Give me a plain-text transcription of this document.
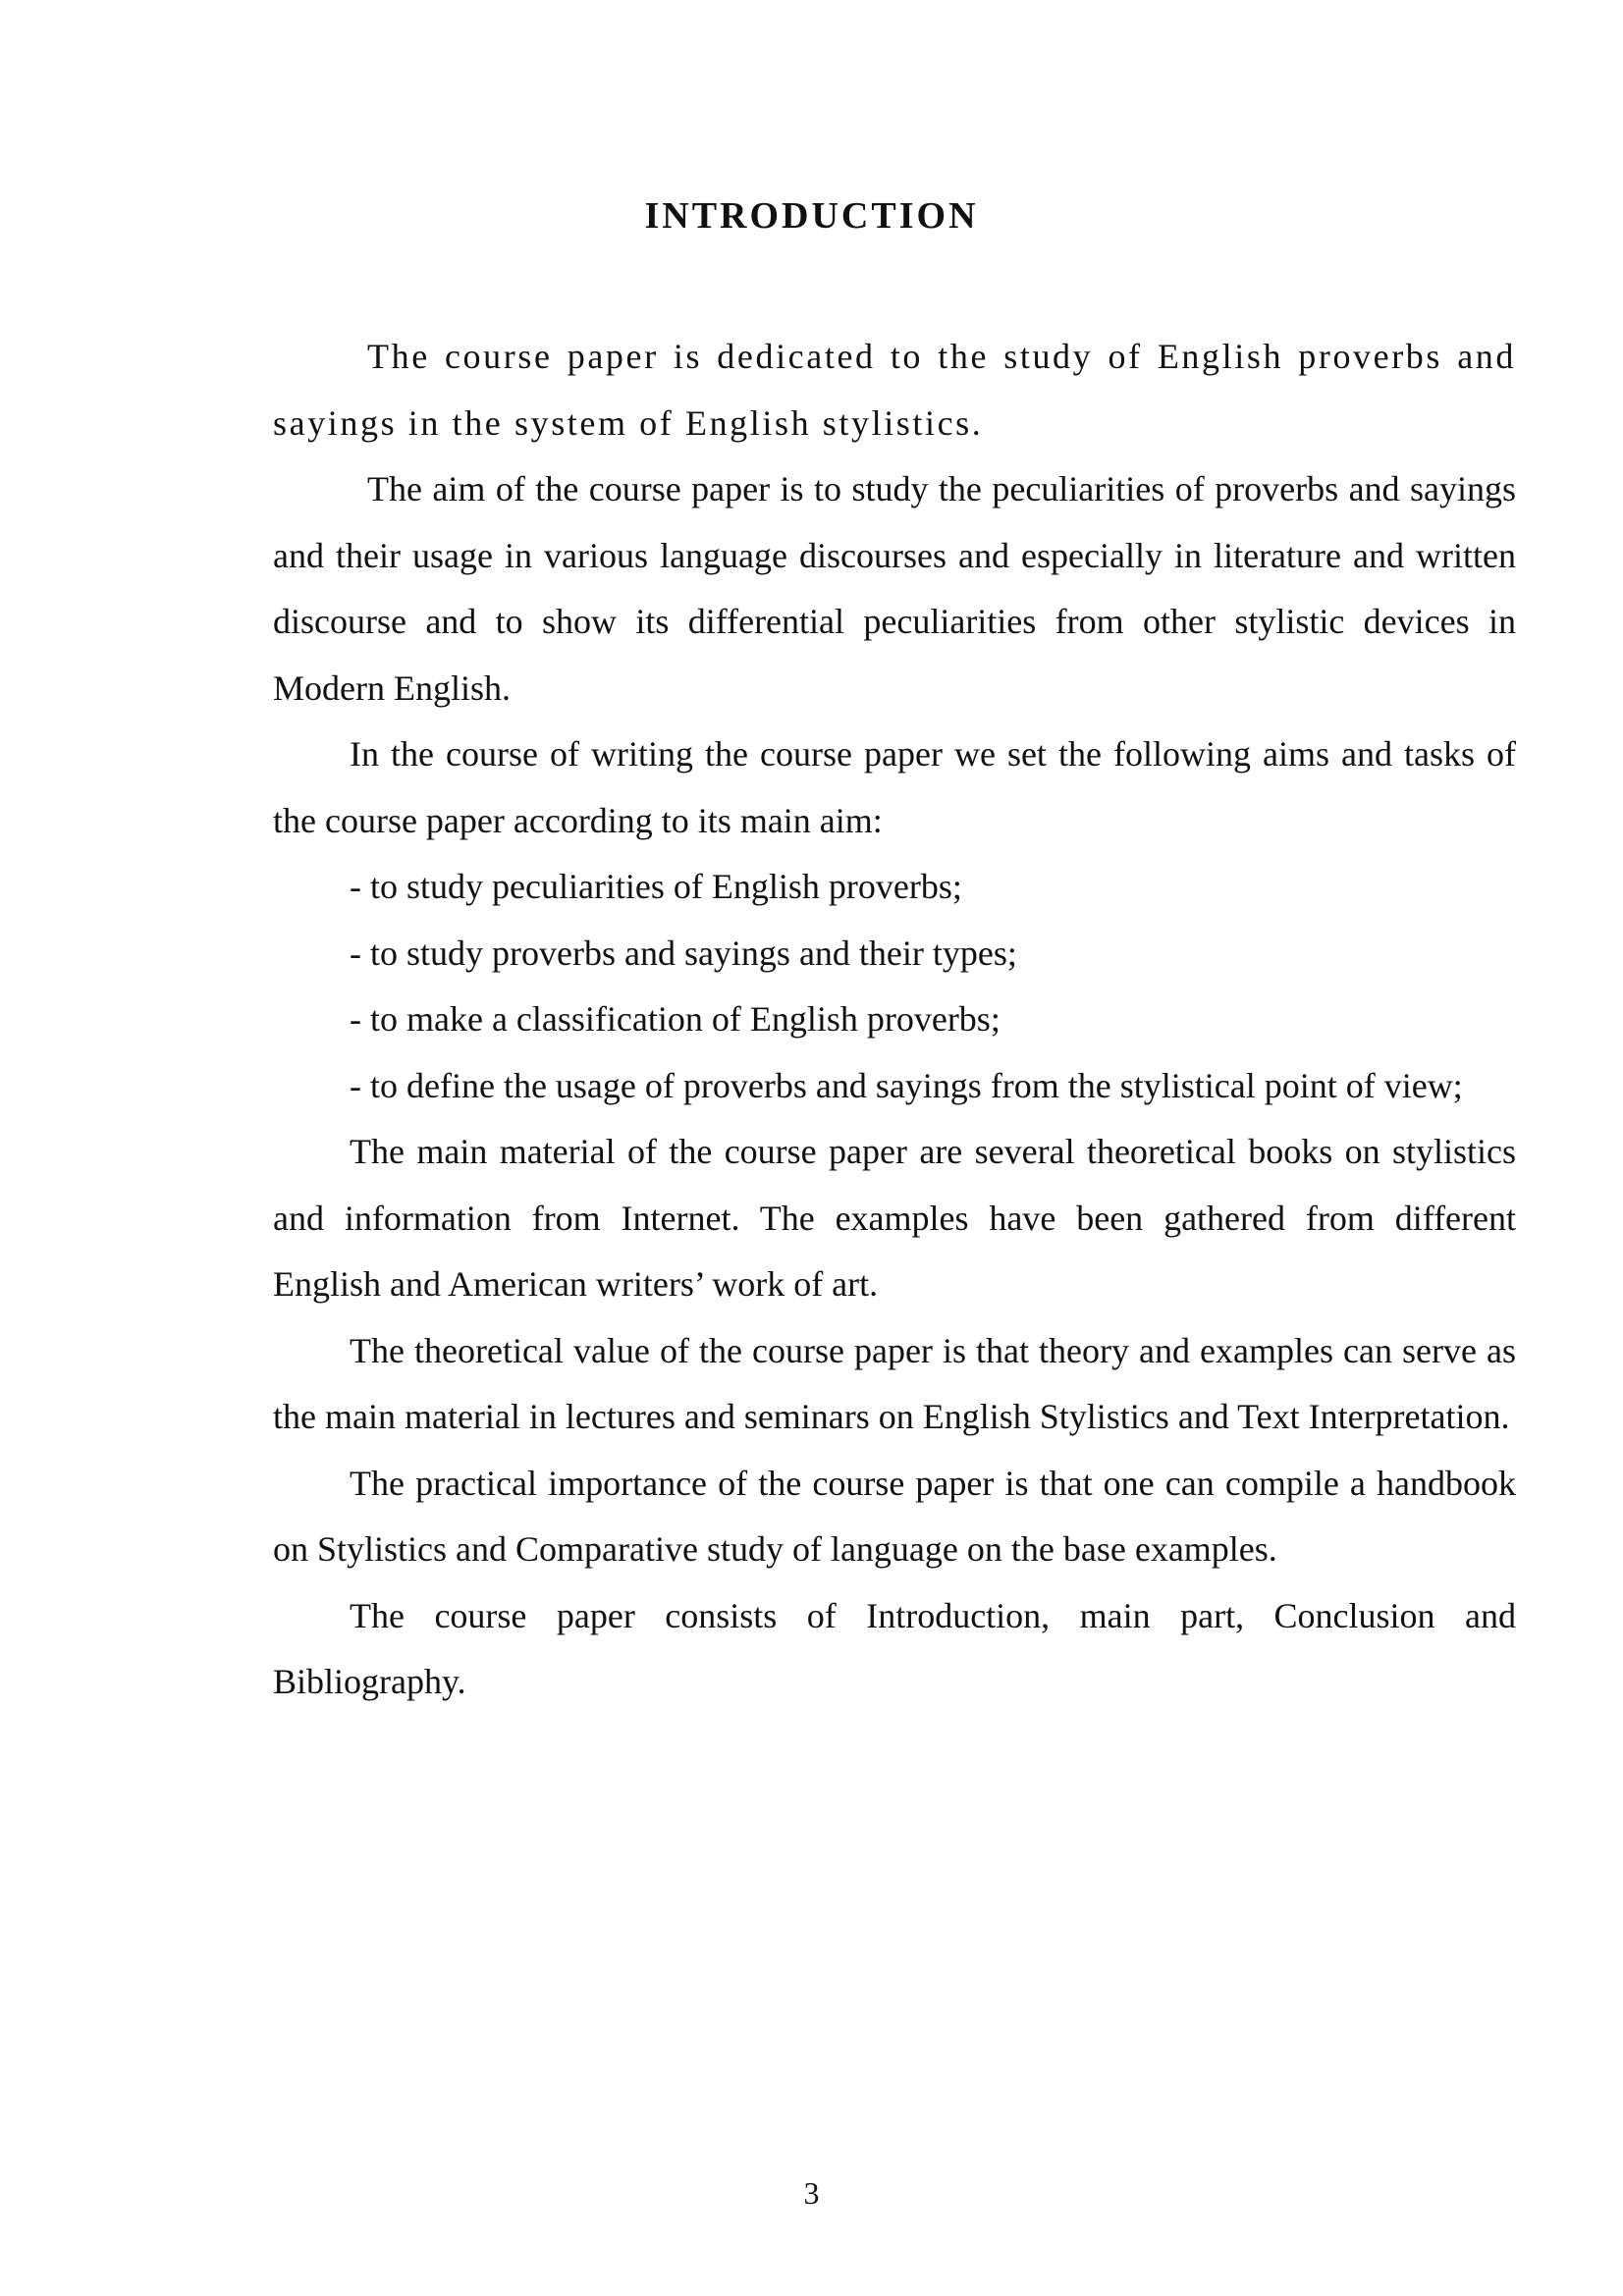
INTRODUCTION

The course paper is dedicated to the study of English proverbs and sayings in the system of English stylistics.

The aim of the course paper is to study the peculiarities of proverbs and sayings and their usage in various language discourses and especially in literature and written discourse and to show its differential peculiarities from other stylistic devices in Modern English.

In the course of writing the course paper we set the following aims and tasks of the course paper according to its main aim:

- to study peculiarities of English proverbs;
- to study proverbs and sayings and their types;
- to make a classification of English proverbs;
- to define the usage of proverbs and sayings from the stylistical point of view;

The main material of the course paper are several theoretical books on stylistics and information from Internet. The examples have been gathered from different English and American writers’ work of art.

The theoretical value of the course paper is that theory and examples can serve as the main material in lectures and seminars on English Stylistics and Text Interpretation.

The practical importance of the course paper is that one can compile a handbook on Stylistics and Comparative study of language on the base examples.

The course paper consists of Introduction, main part, Conclusion and Bibliography.

3
